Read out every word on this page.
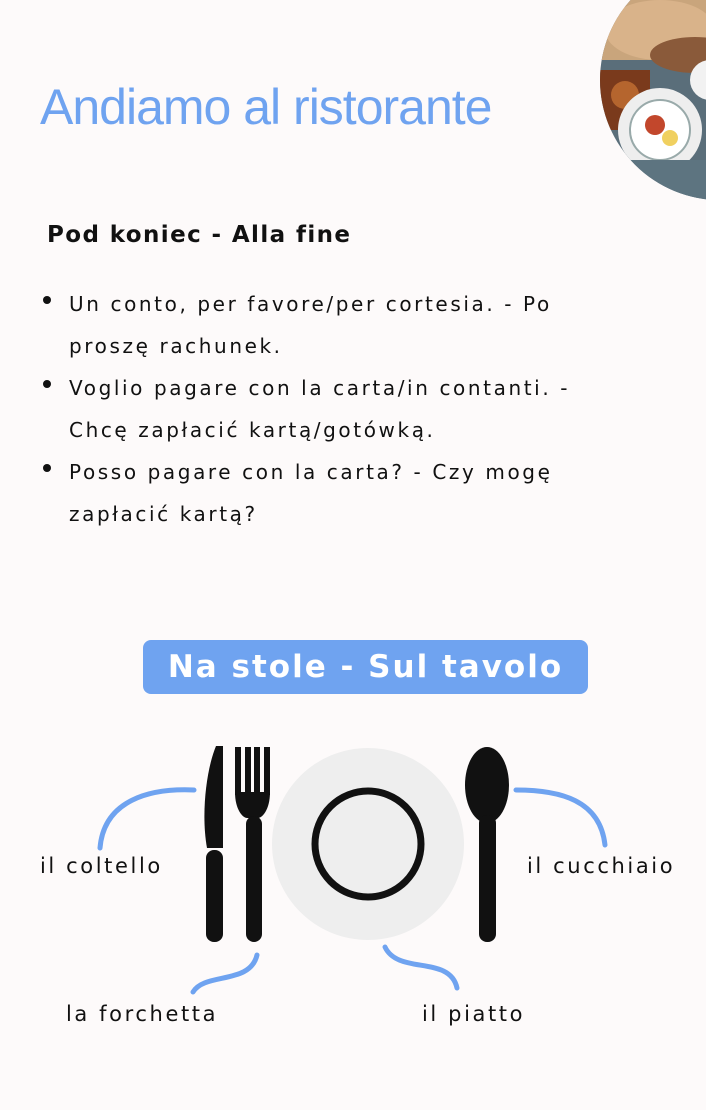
Andiamo al ristorante
Pod koniec - Alla fine
Un conto, per favore/per cortesia. - Po
proszę rachunek.
Voglio pagare con la carta/in contanti. -
Chcę zapłacić kartą/gotówką.
Posso pagare con la carta? - Czy mogę
zapłacić kartą?
Na stole - Sul tavolo
il coltello	il cucchiaio
la forchetta	il piatto
